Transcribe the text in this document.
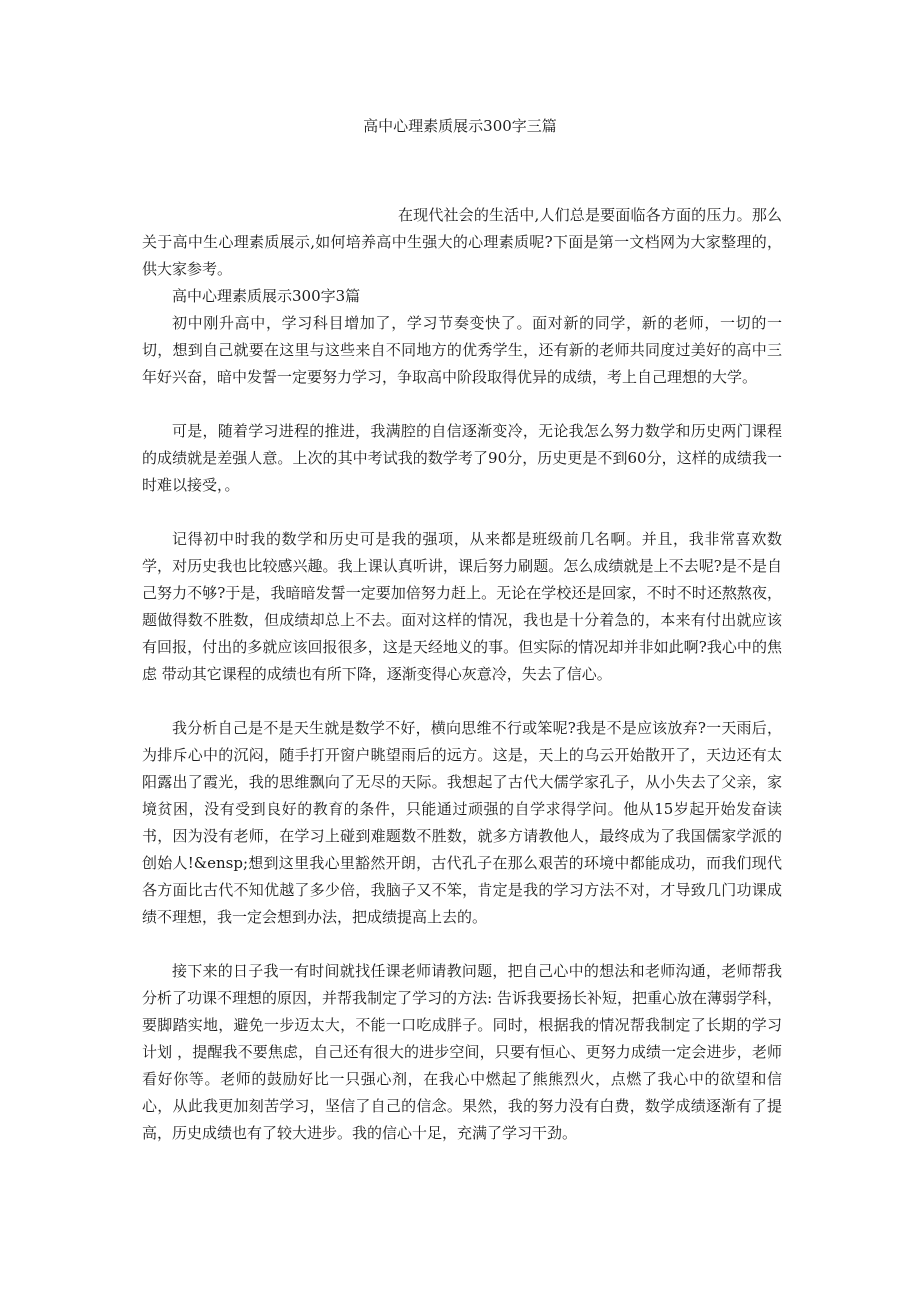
高中心理素质展示300字三篇

在现代社会的生活中,人们总是要面临各方面的压力。那么关于高中生心理素质展示,如何培养高中生强大的心理素质呢?下面是第一文档网为大家整理的，供大家参考。

高中心理素质展示300字3篇

初中刚升高中，学习科目增加了，学习节奏变快了。面对新的同学，新的老师，一切的一切，想到自己就要在这里与这些来自不同地方的优秀学生，还有新的老师共同度过美好的高中三年好兴奋，暗中发誓一定要努力学习，争取高中阶段取得优异的成绩，考上自己理想的大学。

可是，随着学习进程的推进，我满腔的自信逐渐变冷，无论我怎么努力数学和历史两门课程的成绩就是差强人意。上次的其中考试我的数学考了90分，历史更是不到60分，这样的成绩我一时难以接受，。

记得初中时我的数学和历史可是我的强项，从来都是班级前几名啊。并且，我非常喜欢数学，对历史我也比较感兴趣。我上课认真听讲，课后努力刷题。怎么成绩就是上不去呢?是不是自己努力不够?于是，我暗暗发誓一定要加倍努力赶上。无论在学校还是回家，不时不时还熬熬夜，题做得数不胜数，但成绩却总上不去。面对这样的情况，我也是十分着急的，本来有付出就应该有回报，付出的多就应该回报很多，这是天经地义的事。但实际的情况却并非如此啊?我心中的焦虑 带动其它课程的成绩也有所下降，逐渐变得心灰意冷，失去了信心。

我分析自己是不是天生就是数学不好，横向思维不行或笨呢?我是不是应该放弃?一天雨后，为排斥心中的沉闷，随手打开窗户眺望雨后的远方。这是，天上的乌云开始散开了，天边还有太阳露出了霞光，我的思维飘向了无尽的天际。我想起了古代大儒学家孔子，从小失去了父亲，家境贫困，没有受到良好的教育的条件，只能通过顽强的自学求得学问。他从15岁起开始发奋读书，因为没有老师，在学习上碰到难题数不胜数，就多方请教他人，最终成为了我国儒家学派的创始人!&ensp;想到这里我心里豁然开朗，古代孔子在那么艰苦的环境中都能成功，而我们现代各方面比古代不知优越了多少倍，我脑子又不笨，肯定是我的学习方法不对，才导致几门功课成绩不理想，我一定会想到办法，把成绩提高上去的。

接下来的日子我一有时间就找任课老师请教问题，把自己心中的想法和老师沟通，老师帮我分析了功课不理想的原因，并帮我制定了学习的方法: 告诉我要扬长补短，把重心放在薄弱学科，要脚踏实地，避免一步迈太大，不能一口吃成胖子。同时，根据我的情况帮我制定了长期的学习计划 ，提醒我不要焦虑，自己还有很大的进步空间，只要有恒心、更努力成绩一定会进步，老师看好你等。老师的鼓励好比一只强心剂，在我心中燃起了熊熊烈火，点燃了我心中的欲望和信心，从此我更加刻苦学习，坚信了自己的信念。果然，我的努力没有白费，数学成绩逐渐有了提高，历史成绩也有了较大进步。我的信心十足，充满了学习干劲。
